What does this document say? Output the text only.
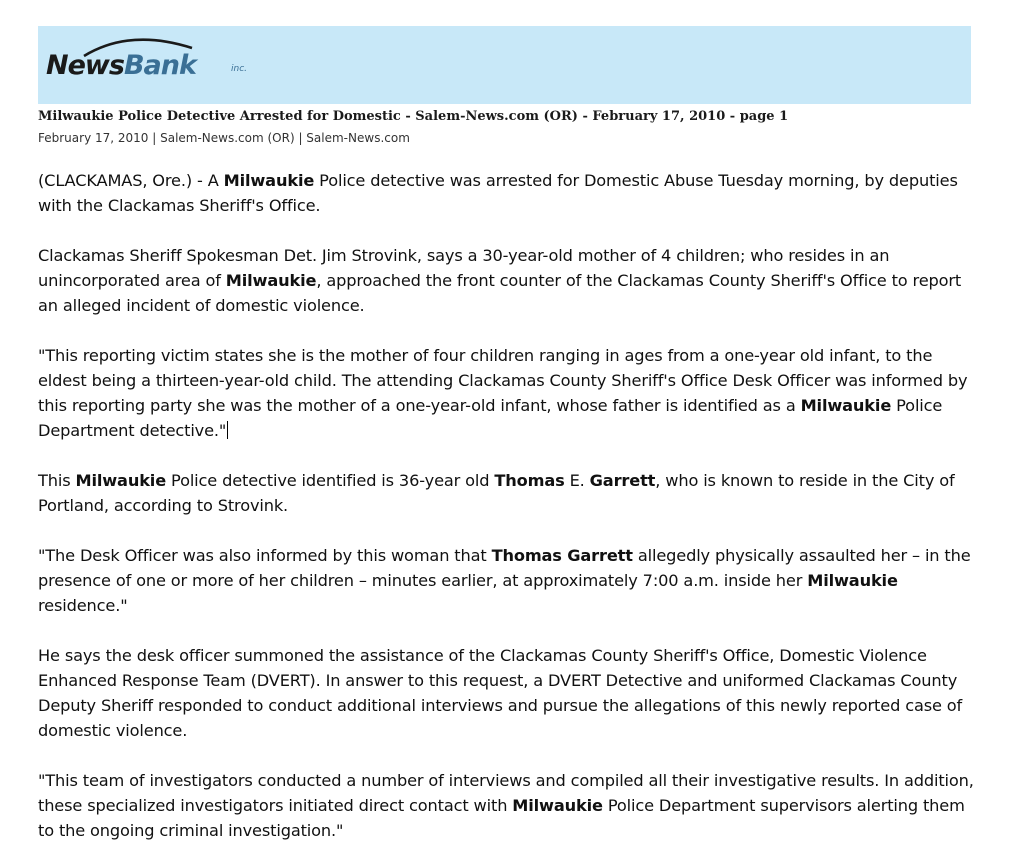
NewsBank	inc.
Milwaukie Police Detective Arrested for Domestic - Salem-News.com (OR) - February 17, 2010 - page 1
February 17, 2010 | Salem-News.com (OR) | Salem-News.com

(CLACKAMAS, Ore.) - A Milwaukie Police detective was arrested for Domestic Abuse Tuesday morning, by deputies with the Clackamas Sheriff's Office.

Clackamas Sheriff Spokesman Det. Jim Strovink, says a 30-year-old mother of 4 children; who resides in an unincorporated area of Milwaukie, approached the front counter of the Clackamas County Sheriff's Office to report an alleged incident of domestic violence.

"This reporting victim states she is the mother of four children ranging in ages from a one-year old infant, to the eldest being a thirteen-year-old child. The attending Clackamas County Sheriff's Office Desk Officer was informed by this reporting party she was the mother of a one-year-old infant, whose father is identified as a Milwaukie Police Department detective."

This Milwaukie Police detective identified is 36-year old Thomas E. Garrett, who is known to reside in the City of Portland, according to Strovink.

"The Desk Officer was also informed by this woman that Thomas Garrett allegedly physically assaulted her – in the presence of one or more of her children – minutes earlier, at approximately 7:00 a.m. inside her Milwaukie residence."

He says the desk officer summoned the assistance of the Clackamas County Sheriff's Office, Domestic Violence Enhanced Response Team (DVERT). In answer to this request, a DVERT Detective and uniformed Clackamas County Deputy Sheriff responded to conduct additional interviews and pursue the allegations of this newly reported case of domestic violence.

"This team of investigators conducted a number of interviews and compiled all their investigative results. In addition, these specialized investigators initiated direct contact with Milwaukie Police Department supervisors alerting them to the ongoing criminal investigation."
